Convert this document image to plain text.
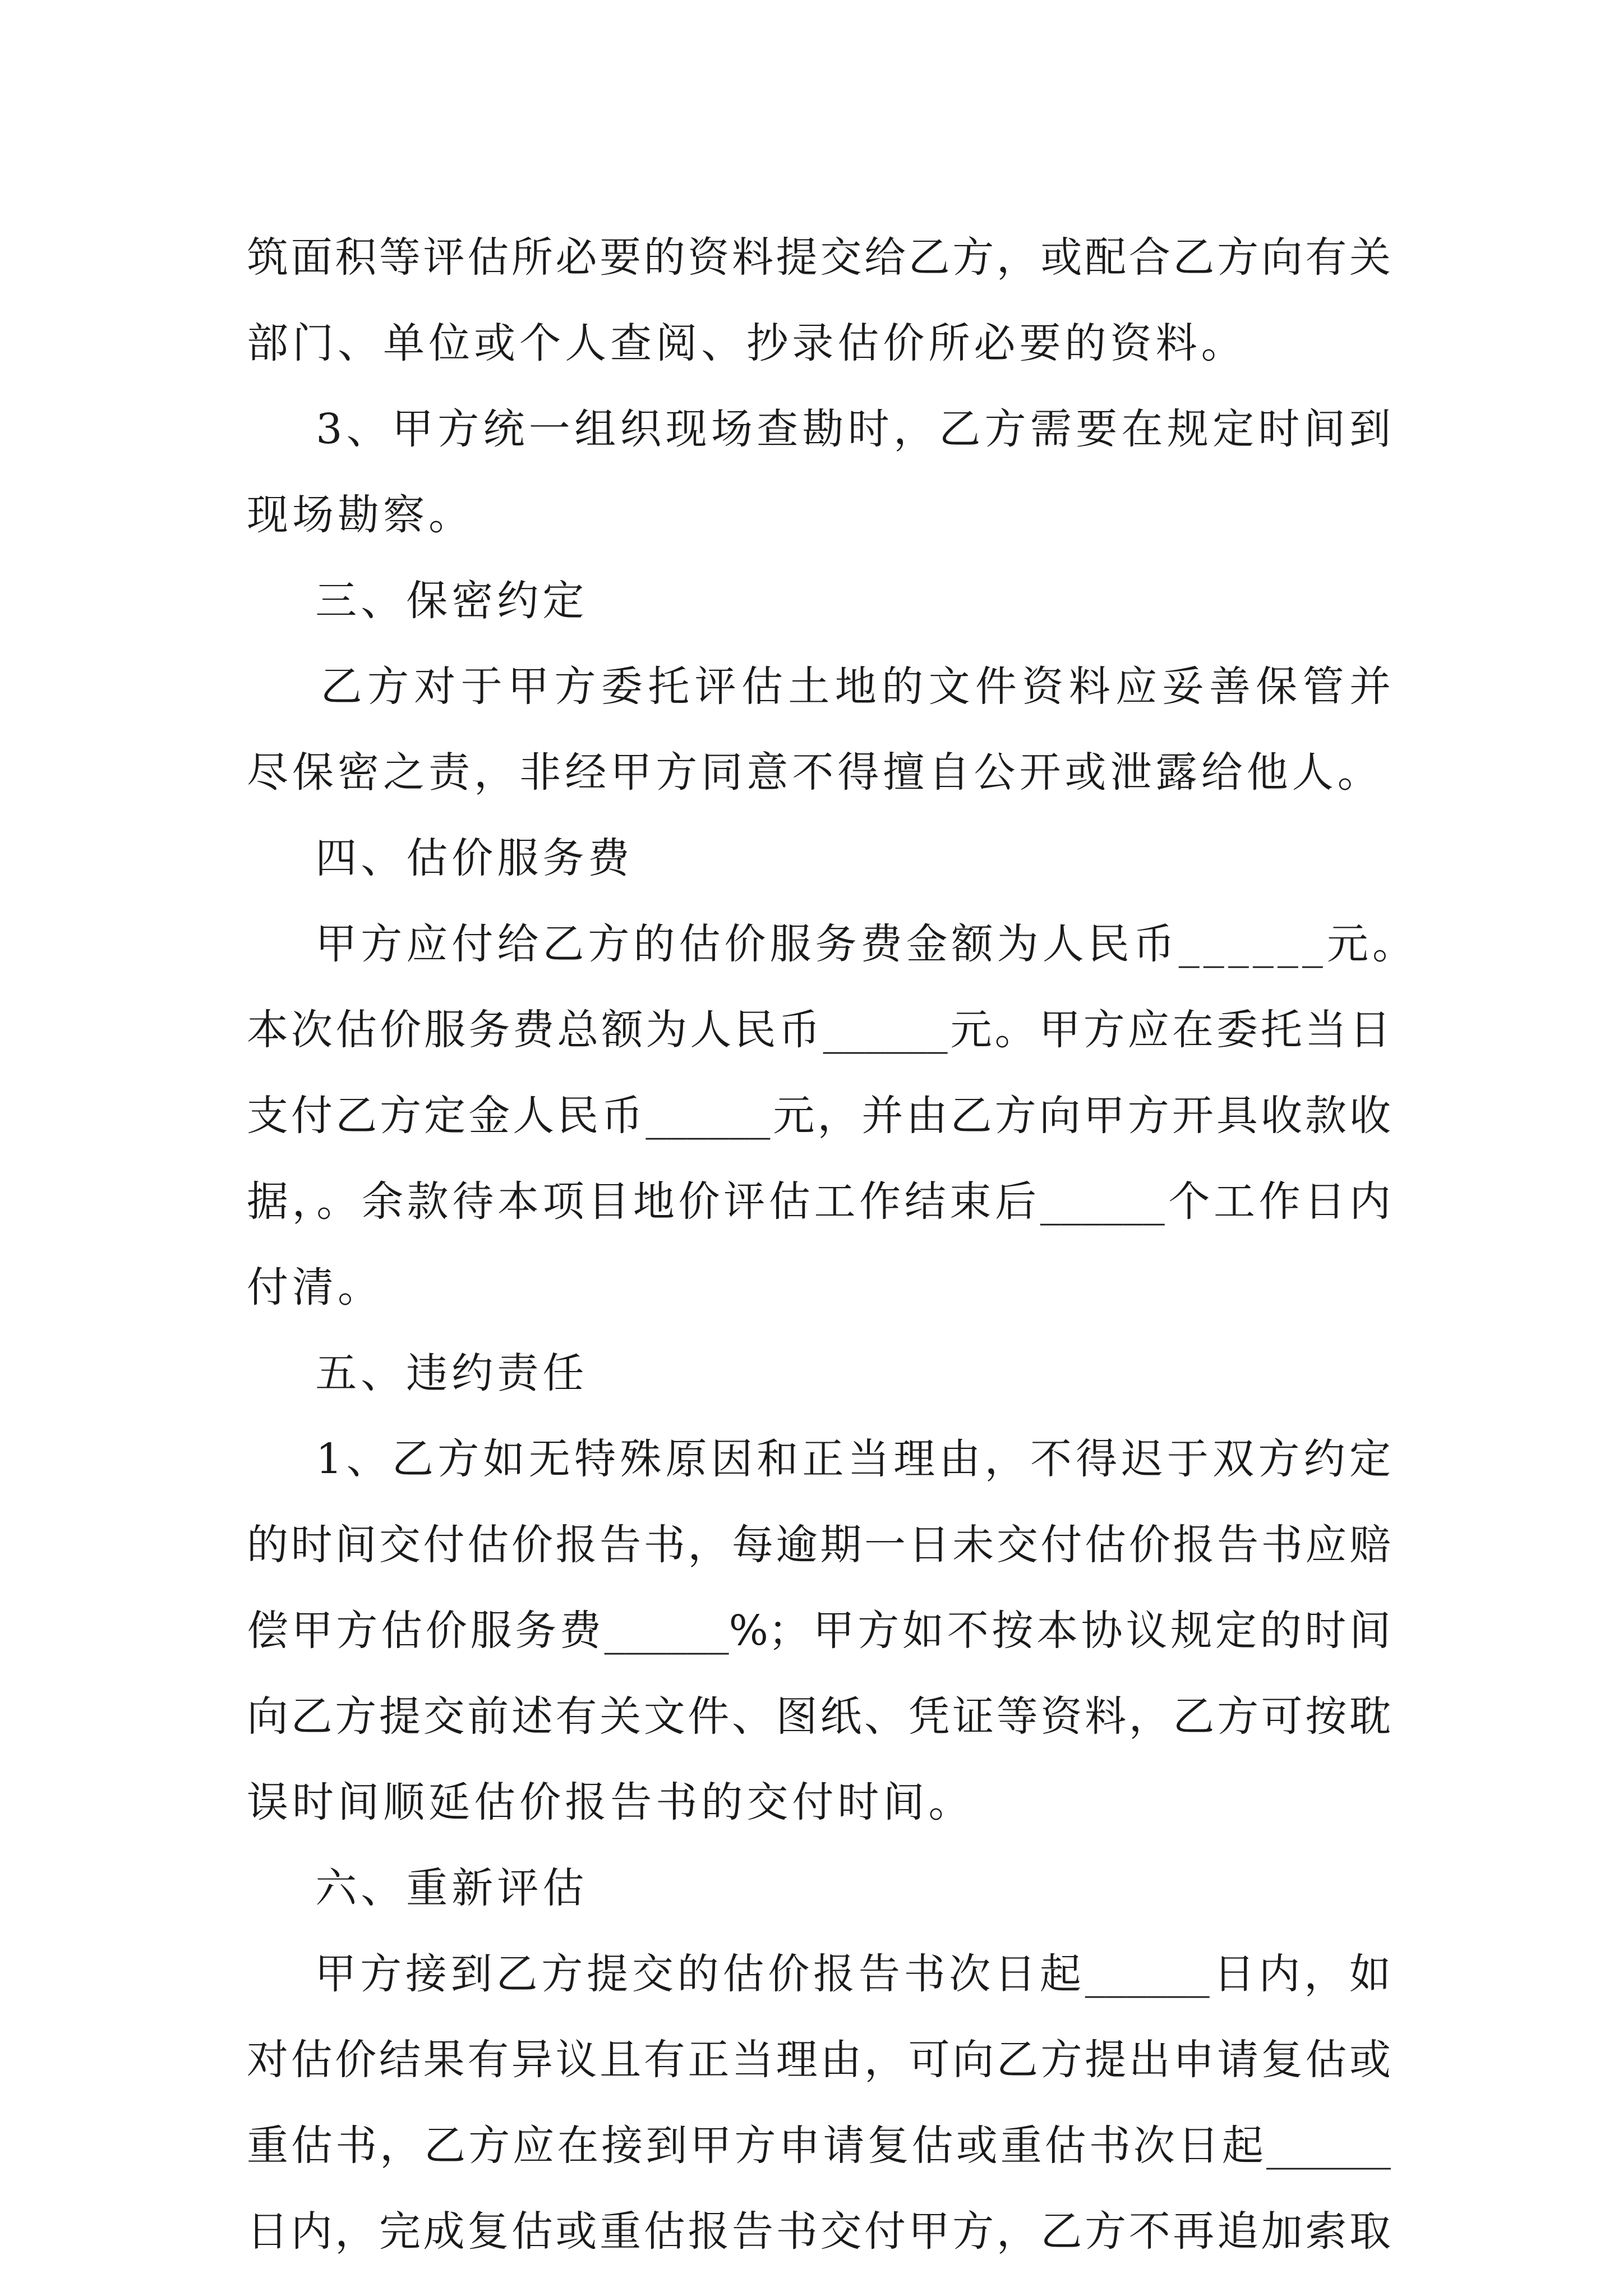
筑面积等评估所必要的资料提交给乙方，或配合乙方向有关
部门、单位或个人查阅、抄录估价所必要的资料。
3、甲方统一组织现场查勘时，乙方需要在规定时间到
现场勘察。
三、保密约定
乙方对于甲方委托评估土地的文件资料应妥善保管并
尽保密之责，非经甲方同意不得擅自公开或泄露给他人。
四、估价服务费
甲方应付给乙方的估价服务费金额为人民币______元。
本次估价服务费总额为人民币______元。甲方应在委托当日
支付乙方定金人民币______元，并由乙方向甲方开具收款收
据，。余款待本项目地价评估工作结束后______个工作日内
付清。
五、违约责任
1、乙方如无特殊原因和正当理由，不得迟于双方约定
的时间交付估价报告书，每逾期一日未交付估价报告书应赔
偿甲方估价服务费______%；甲方如不按本协议规定的时间
向乙方提交前述有关文件、图纸、凭证等资料，乙方可按耽
误时间顺延估价报告书的交付时间。
六、重新评估
甲方接到乙方提交的估价报告书次日起______日内，如
对估价结果有异议且有正当理由，可向乙方提出申请复估或
重估书，乙方应在接到甲方申请复估或重估书次日起______
日内，完成复估或重估报告书交付甲方，乙方不再追加索取
